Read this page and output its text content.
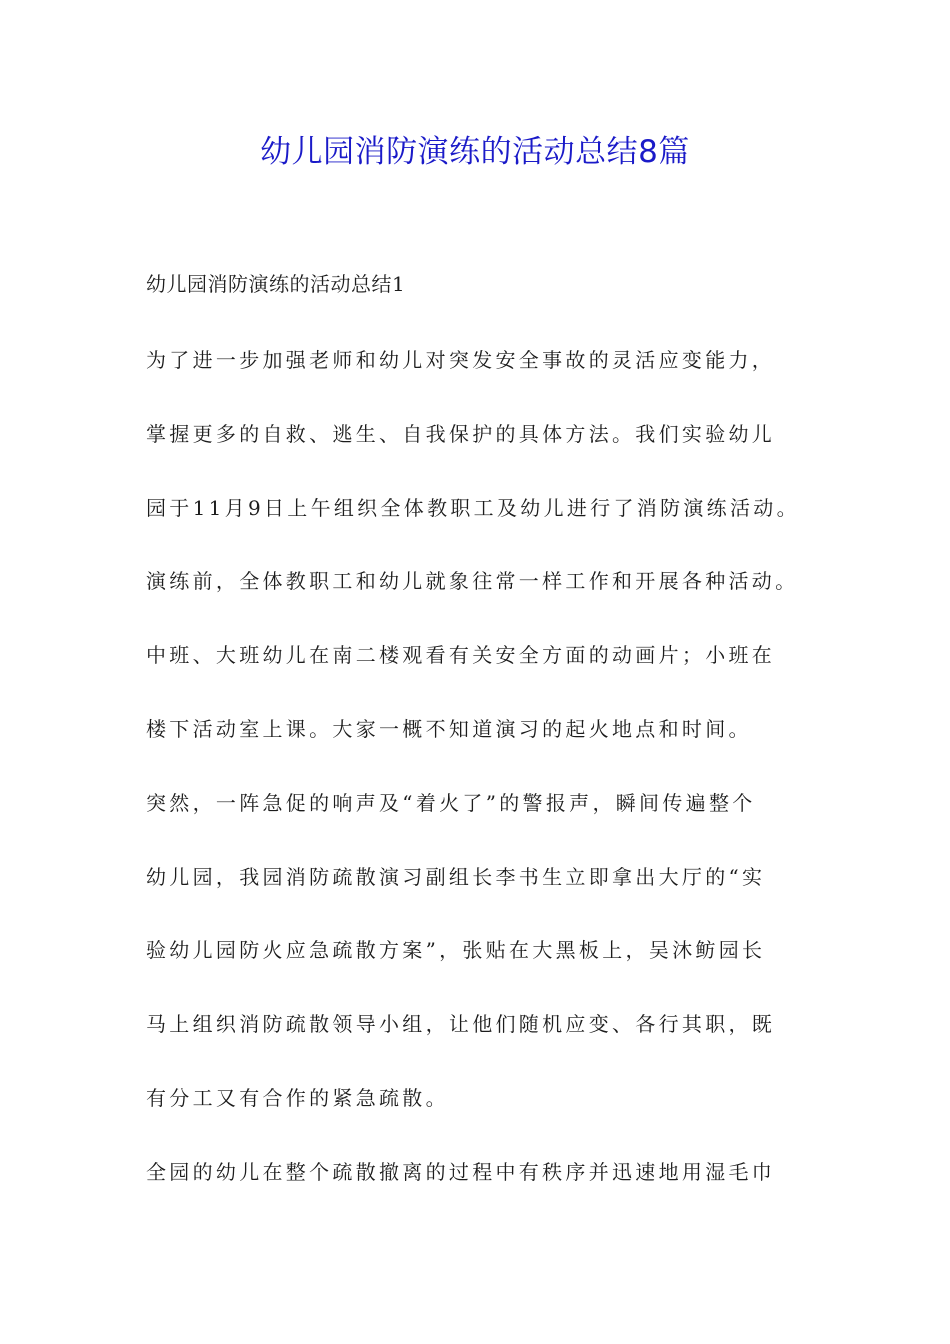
幼儿园消防演练的活动总结8篇
幼儿园消防演练的活动总结1
为了进一步加强老师和幼儿对突发安全事故的灵活应变能力，
掌握更多的自救、逃生、自我保护的具体方法。我们实验幼儿
园于11月9日上午组织全体教职工及幼儿进行了消防演练活动。
演练前，全体教职工和幼儿就象往常一样工作和开展各种活动。
中班、大班幼儿在南二楼观看有关安全方面的动画片；小班在
楼下活动室上课。大家一概不知道演习的起火地点和时间。
突然，一阵急促的响声及“着火了”的警报声，瞬间传遍整个
幼儿园，我园消防疏散演习副组长李书生立即拿出大厅的“实
验幼儿园防火应急疏散方案”，张贴在大黑板上，吴沐鲂园长
马上组织消防疏散领导小组，让他们随机应变、各行其职，既
有分工又有合作的紧急疏散。
全园的幼儿在整个疏散撤离的过程中有秩序并迅速地用湿毛巾
